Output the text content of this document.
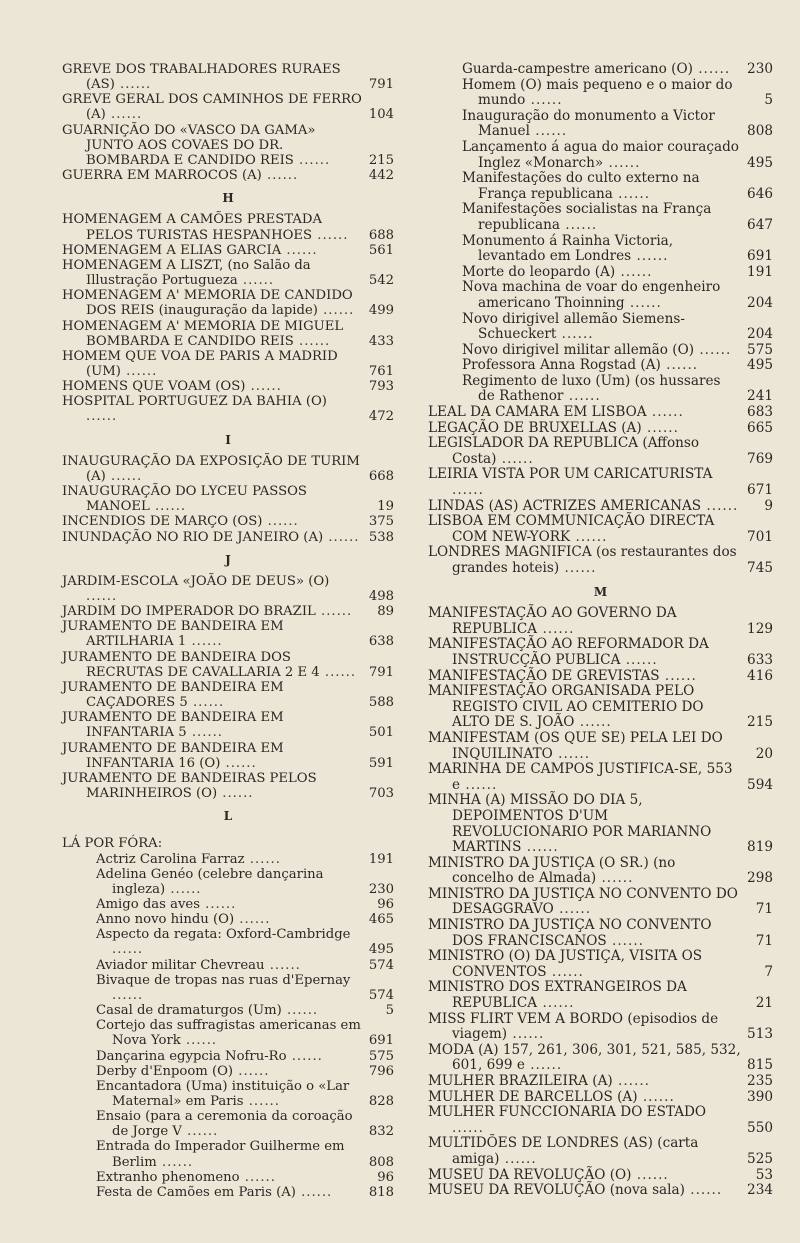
GREVE DOS TRABALHADORES RURAES (AS) ......	791
GREVE GERAL DOS CAMINHOS DE FERRO (A) ......	104
GUARNIÇÃO DO «VASCO DA GAMA» JUNTO AOS COVAES DO DR. BOMBARDA E CANDIDO REIS ......	215
GUERRA EM MARROCOS (A) ......	442
H
HOMENAGEM A CAMÕES PRESTADA PELOS TURISTAS HESPANHOES ......	688
HOMENAGEM A ELIAS GARCIA ......	561
HOMENAGEM A LISZT, (no Salão da Illustração Portugueza ......	542
HOMENAGEM A' MEMORIA DE CANDIDO DOS REIS (inauguração da lapide) ......	499
HOMENAGEM A' MEMORIA DE MIGUEL BOMBARDA E CANDIDO REIS ......	433
HOMEM QUE VOA DE PARIS A MADRID (UM) ......	761
HOMENS QUE VOAM (OS) ......	793
HOSPITAL PORTUGUEZ DA BAHIA (O) ......	472
I
INAUGURAÇÃO DA EXPOSIÇÃO DE TURIM (A) ......	668
INAUGURAÇÃO DO LYCEU PASSOS MANOEL ......	19
INCENDIOS DE MARÇO (OS) ......	375
INUNDAÇÃO NO RIO DE JANEIRO (A) ...... 538
J
JARDIM-ESCOLA «JOÃO DE DEUS» (O) ......	498
JARDIM DO IMPERADOR DO BRAZIL ......	89
JURAMENTO DE BANDEIRA EM ARTILHARIA 1 ......	638
JURAMENTO DE BANDEIRA DOS RECRUTAS DE CAVALLARIA 2 E 4 ...... 791
JURAMENTO DE BANDEIRA EM CAÇADORES 5 ......	588
JURAMENTO DE BANDEIRA EM INFANTARIA 5 ......	501
JURAMENTO DE BANDEIRA EM INFANTARIA 16 (O) ......	591
JURAMENTO DE BANDEIRAS PELOS MARINHEIROS (O) ......	703
L
LÁ POR FÓRA:
Actriz Carolina Farraz ......	191
Adelina Genéo (celebre dançarina ingleza) ......	230
Amigo das aves ......	96
Anno novo hindu (O) ......	465
Aspecto da regata: Oxford-Cambridge ......	495
Aviador militar Chevreau ......	574
Bivaque de tropas nas ruas d'Epernay ......	574
Casal de dramaturgos (Um) ......	5
Cortejo das suffragistas americanas em Nova York ......	691
Dançarina egypcia Nofru-Ro ......	575
Derby d'Enpoom (O) ......	796
Encantadora (Uma) instituição o «Lar Maternal» em Paris ......	828
Ensaio (para a ceremonia da coroação de Jorge V ......	832
Entrada do Imperador Guilherme em Berlim ......	808
Extranho phenomeno ......	96
Festa de Camões em Paris (A) ......	818
Guarda-campestre americano (O) ......	230
Homem (O) mais pequeno e o maior do mundo ......	5
Inauguração do monumento a Victor Manuel ......	808
Lançamento á agua do maior couraçado Inglez «Monarch» ......	495
Manifestações do culto externo na França republicana ......	646
Manifestações socialistas na França republicana ......	647
Monumento á Rainha Victoria, levantado em Londres ......	691
Morte do leopardo (A) ......	191
Nova machina de voar do engenheiro americano Thoinning ......	204
Novo dirigivel allemão Siemens-Schueckert ......	204
Novo dirigivel militar allemão (O) ......	575
Professora Anna Rogstad (A) ......	495
Regimento de luxo (Um) (os hussares de Rathenor ......	241
LEAL DA CAMARA EM LISBOA ......	683
LEGAÇÃO DE BRUXELLAS (A) ......	665
LEGISLADOR DA REPUBLICA (Affonso Costa) ......	769
LEIRIA VISTA POR UM CARICATURISTA ......	671
LINDAS (AS) ACTRIZES AMERICANAS ......	9
LISBOA EM COMMUNICAÇÃO DIRECTA COM NEW-YORK ......	701
LONDRES MAGNIFICA (os restaurantes dos grandes hoteis) ......	745
M
MANIFESTAÇÃO AO GOVERNO DA REPUBLICA ......	129
MANIFESTAÇÃO AO REFORMADOR DA INSTRUCÇÃO PUBLICA ......	633
MANIFESTAÇÃO DE GREVISTAS ......	416
MANIFESTAÇÃO ORGANISADA PELO REGISTO CIVIL AO CEMITERIO DO ALTO DE S. JOÃO ......	215
MANIFESTAM (OS QUE SE) PELA LEI DO INQUILINATO ......	20
MARINHA DE CAMPOS JUSTIFICA-SE, 553 e ......	594
MINHA (A) MISSÃO DO DIA 5, DEPOIMENTOS D'UM REVOLUCIONARIO POR MARIANNO MARTINS ......	819
MINISTRO DA JUSTIÇA (O SR.) (no concelho de Almada) ......	298
MINISTRO DA JUSTIÇA NO CONVENTO DO DESAGGRAVO ......	71
MINISTRO DA JUSTIÇA NO CONVENTO DOS FRANCISCANOS ......	71
MINISTRO (O) DA JUSTIÇA, VISITA OS CONVENTOS ......	7
MINISTRO DOS EXTRANGEIROS DA REPUBLICA ......	21
MISS FLIRT VEM A BORDO (episodios de viagem) ......	513
MODA (A) 157, 261, 306, 301, 521, 585, 532, 601, 699 e ......	815
MULHER BRAZILEIRA (A) ......	235
MULHER DE BARCELLOS (A) ......	390
MULHER FUNCCIONARIA DO ESTADO ......	550
MULTIDÕES DE LONDRES (AS) (carta amiga) ......	525
MUSEU DA REVOLUÇÃO (O) ......	53
MUSEU DA REVOLUÇÃO (nova sala) ......	234
